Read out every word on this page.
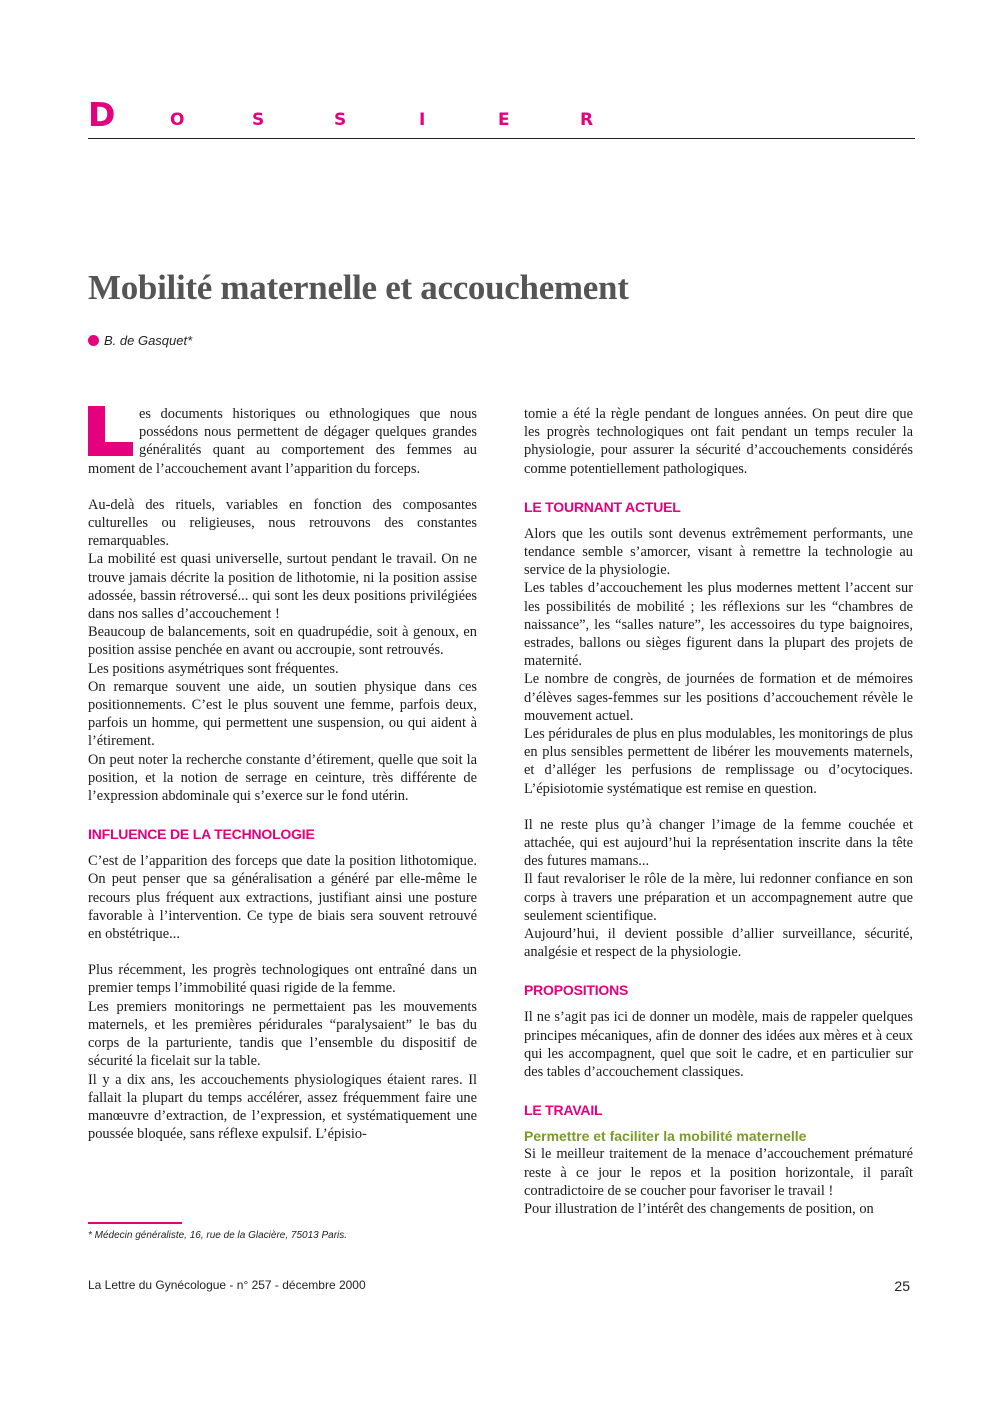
D	O	S	S	I	E	R
Mobilité maternelle et accouchement
B. de Gasquet*

es documents historiques ou ethnologiques que nous possédons nous permettent de dégager quelques grandes généralités quant au comportement des femmes au moment de l’accouchement avant l’apparition du forceps.

Au-delà des rituels, variables en fonction des composantes culturelles ou religieuses, nous retrouvons des constantes remarquables.

La mobilité est quasi universelle, surtout pendant le travail. On ne trouve jamais décrite la position de lithotomie, ni la position assise adossée, bassin rétroversé... qui sont les deux positions privilégiées dans nos salles d’accouchement !

Beaucoup de balancements, soit en quadrupédie, soit à genoux, en position assise penchée en avant ou accroupie, sont retrouvés.

Les positions asymétriques sont fréquentes.

On remarque souvent une aide, un soutien physique dans ces positionnements. C’est le plus souvent une femme, parfois deux, parfois un homme, qui permettent une suspension, ou qui aident à l’étirement.

On peut noter la recherche constante d’étirement, quelle que soit la position, et la notion de serrage en ceinture, très différente de l’expression abdominale qui s’exerce sur le fond utérin.

INFLUENCE DE LA TECHNOLOGIE

C’est de l’apparition des forceps que date la position lithotomique. On peut penser que sa généralisation a généré par elle-même le recours plus fréquent aux extractions, justifiant ainsi une posture favorable à l’intervention. Ce type de biais sera souvent retrouvé en obstétrique...

Plus récemment, les progrès technologiques ont entraîné dans un premier temps l’immobilité quasi rigide de la femme.

Les premiers monitorings ne permettaient pas les mouvements maternels, et les premières péridurales “paralysaient” le bas du corps de la parturiente, tandis que l’ensemble du dispositif de sécurité la ficelait sur la table.

Il y a dix ans, les accouchements physiologiques étaient rares. Il fallait la plupart du temps accélérer, assez fréquemment faire une manœuvre d’extraction, de l’expression, et systématiquement une poussée bloquée, sans réflexe expulsif. L’épisio-

tomie a été la règle pendant de longues années. On peut dire que les progrès technologiques ont fait pendant un temps reculer la physiologie, pour assurer la sécurité d’accouchements considérés comme potentiellement pathologiques.

LE TOURNANT ACTUEL

Alors que les outils sont devenus extrêmement performants, une tendance semble s’amorcer, visant à remettre la technologie au service de la physiologie.

Les tables d’accouchement les plus modernes mettent l’accent sur les possibilités de mobilité ; les réflexions sur les “chambres de naissance”, les “salles nature”, les accessoires du type baignoires, estrades, ballons ou sièges figurent dans la plupart des projets de maternité.

Le nombre de congrès, de journées de formation et de mémoires d’élèves sages-femmes sur les positions d’accouchement révèle le mouvement actuel.

Les péridurales de plus en plus modulables, les monitorings de plus en plus sensibles permettent de libérer les mouvements maternels, et d’alléger les perfusions de remplissage ou d’ocytociques. L’épisiotomie systématique est remise en question.

Il ne reste plus qu’à changer l’image de la femme couchée et attachée, qui est aujourd’hui la représentation inscrite dans la tête des futures mamans...

Il faut revaloriser le rôle de la mère, lui redonner confiance en son corps à travers une préparation et un accompagnement autre que seulement scientifique.

Aujourd’hui, il devient possible d’allier surveillance, sécurité, analgésie et respect de la physiologie.

PROPOSITIONS

Il ne s’agit pas ici de donner un modèle, mais de rappeler quelques principes mécaniques, afin de donner des idées aux mères et à ceux qui les accompagnent, quel que soit le cadre, et en particulier sur des tables d’accouchement classiques.

LE TRAVAIL
Permettre et faciliter la mobilité maternelle

Si le meilleur traitement de la menace d’accouchement prématuré reste à ce jour le repos et la position horizontale, il paraît contradictoire de se coucher pour favoriser le travail !

Pour illustration de l’intérêt des changements de position, on

* Médecin généraliste, 16, rue de la Glacière, 75013 Paris.
La Lettre du Gynécologue - n° 257 - décembre 2000	25
